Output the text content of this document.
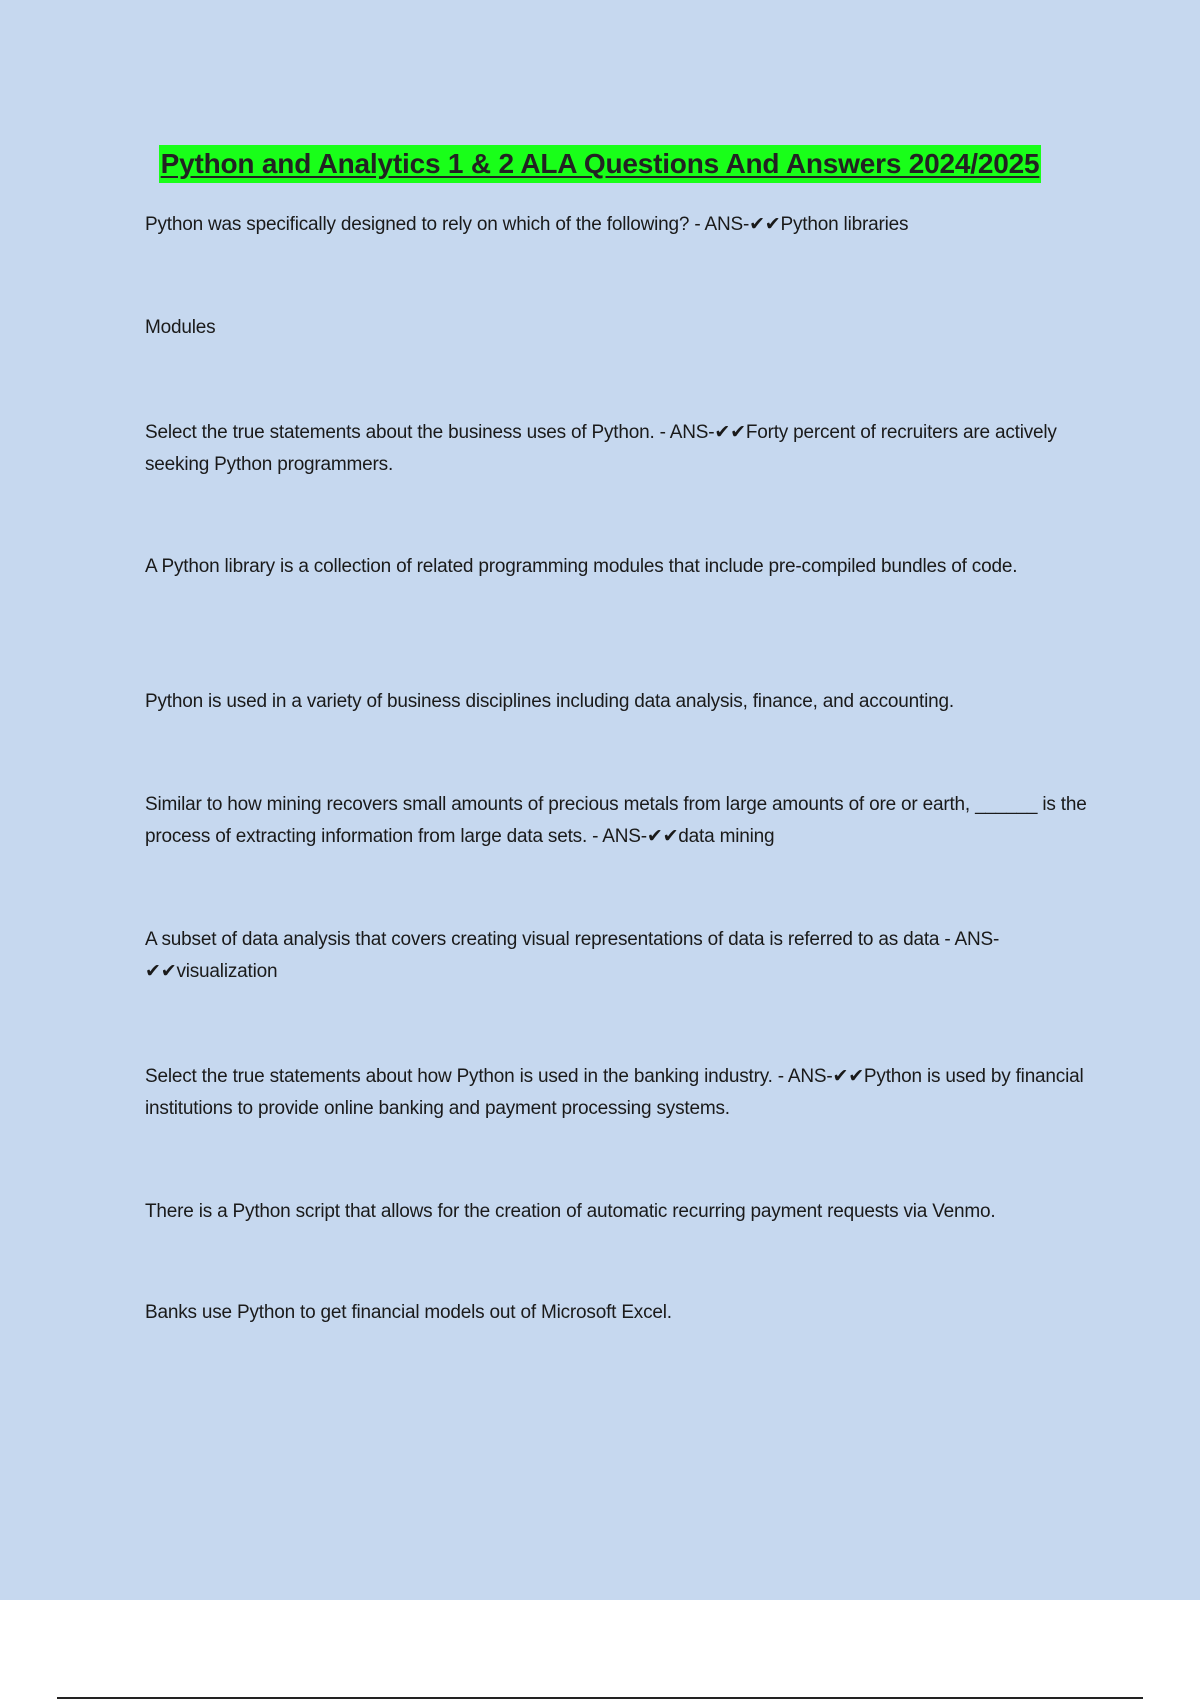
Python and Analytics 1 & 2 ALA Questions And Answers 2024/2025

Python was specifically designed to rely on which of the following? - ANS-✔✔Python libraries

Modules

Select the true statements about the business uses of Python. - ANS-✔✔Forty percent of recruiters are actively seeking Python programmers.

A Python library is a collection of related programming modules that include pre-compiled bundles of code.

Python is used in a variety of business disciplines including data analysis, finance, and accounting.

Similar to how mining recovers small amounts of precious metals from large amounts of ore or earth, ______ is the process of extracting information from large data sets. - ANS-✔✔data mining

A subset of data analysis that covers creating visual representations of data is referred to as data - ANS-✔✔visualization

Select the true statements about how Python is used in the banking industry. - ANS-✔✔Python is used by financial institutions to provide online banking and payment processing systems.

There is a Python script that allows for the creation of automatic recurring payment requests via Venmo.

Banks use Python to get financial models out of Microsoft Excel.
